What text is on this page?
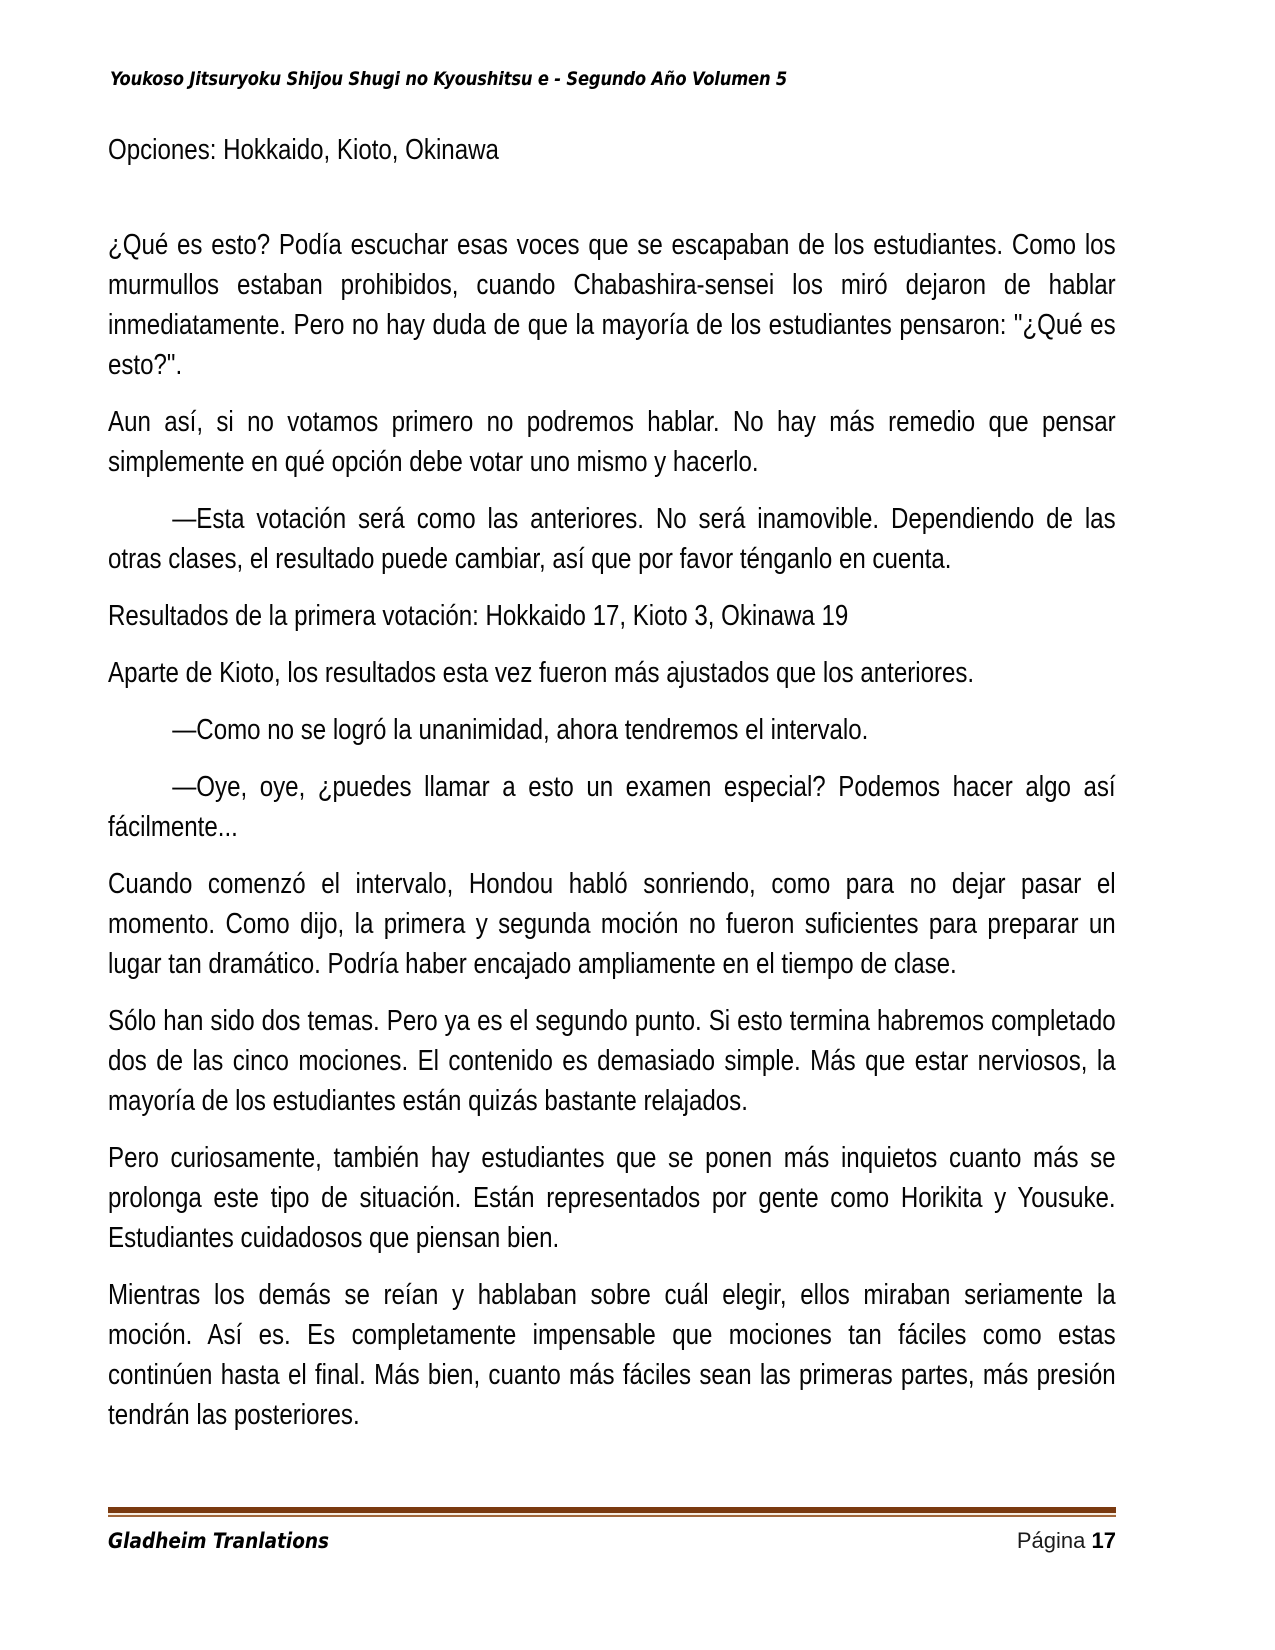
Youkoso Jitsuryoku Shijou Shugi no Kyoushitsu e - Segundo Año Volumen 5

Opciones: Hokkaido, Kioto, Okinawa

¿Qué es esto? Podía escuchar esas voces que se escapaban de los estudiantes. Como los murmullos estaban prohibidos, cuando Chabashira-sensei los miró dejaron de hablar inmediatamente. Pero no hay duda de que la mayoría de los estudiantes pensaron: "¿Qué es esto?".

Aun así, si no votamos primero no podremos hablar. No hay más remedio que pensar simplemente en qué opción debe votar uno mismo y hacerlo.

—Esta votación será como las anteriores. No será inamovible. Dependiendo de las otras clases, el resultado puede cambiar, así que por favor ténganlo en cuenta.

Resultados de la primera votación: Hokkaido 17, Kioto 3, Okinawa 19

Aparte de Kioto, los resultados esta vez fueron más ajustados que los anteriores.

—Como no se logró la unanimidad, ahora tendremos el intervalo.

—Oye, oye, ¿puedes llamar a esto un examen especial? Podemos hacer algo así fácilmente...

Cuando comenzó el intervalo, Hondou habló sonriendo, como para no dejar pasar el momento. Como dijo, la primera y segunda moción no fueron suficientes para preparar un lugar tan dramático. Podría haber encajado ampliamente en el tiempo de clase.

Sólo han sido dos temas. Pero ya es el segundo punto. Si esto termina habremos completado dos de las cinco mociones. El contenido es demasiado simple. Más que estar nerviosos, la mayoría de los estudiantes están quizás bastante relajados.

Pero curiosamente, también hay estudiantes que se ponen más inquietos cuanto más se prolonga este tipo de situación. Están representados por gente como Horikita y Yousuke. Estudiantes cuidadosos que piensan bien.

Mientras los demás se reían y hablaban sobre cuál elegir, ellos miraban seriamente la moción. Así es. Es completamente impensable que mociones tan fáciles como estas continúen hasta el final. Más bien, cuanto más fáciles sean las primeras partes, más presión tendrán las posteriores.

Gladheim Tranlations	Página 17
